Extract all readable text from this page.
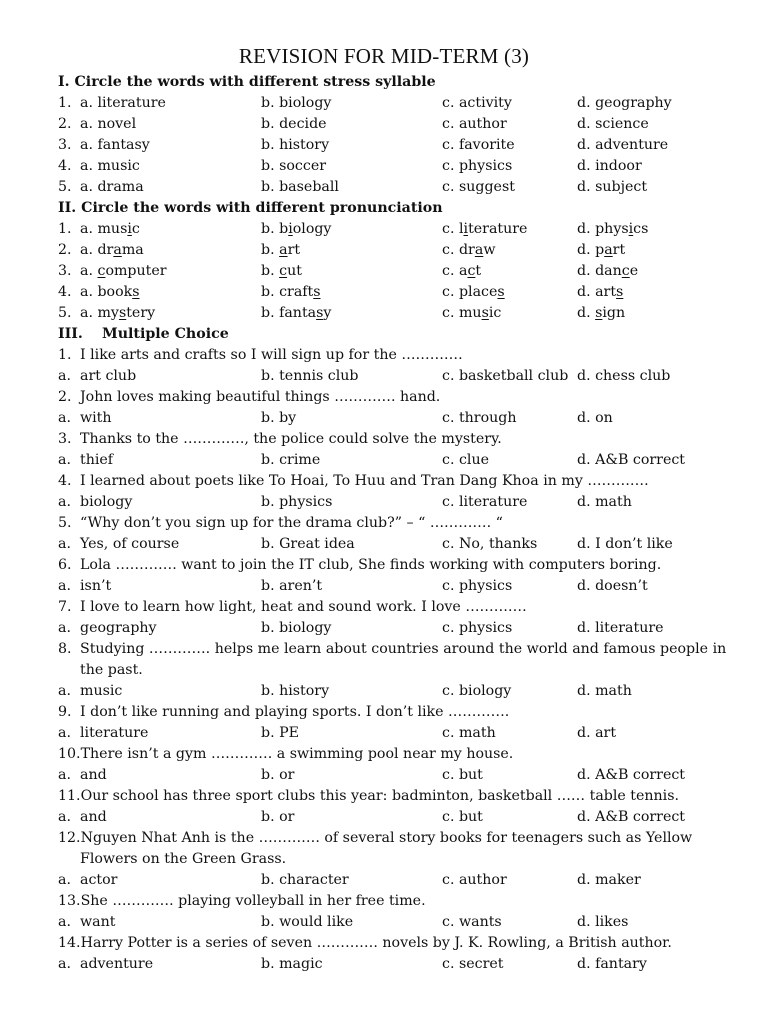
REVISION FOR MID-TERM (3)
I. Circle the words with different stress syllable
1. a. literature	b. biology	c. activity	d. geography
2. a. novel	b. decide	c. author	d. science
3. a. fantasy	b. history	c. favorite	d. adventure
4. a. music	b. soccer	c. physics	d. indoor
5. a. drama	b. baseball	c. suggest	d. subject
II. Circle the words with different pronunciation
1. a. music	b. biology	c. literature	d. physics
2. a. drama	b. art	c. draw	d. part
3. a. computer	b. cut	c. act	d. dance
4. a. books	b. crafts	c. places	d. arts
5. a. mystery	b. fantasy	c. music	d. sign
III. Multiple Choice
1. I like arts and crafts so I will sign up for the ………….
a. art club	b. tennis club	c. basketball club d. chess club
2. John loves making beautiful things …………. hand.
a. with	b. by	c. through	d. on
3. Thanks to the …………., the police could solve the mystery.
a. thief	b. crime	c. clue	d. A&B correct
4. I learned about poets like To Hoai, To Huu and Tran Dang Khoa in my ………….
a. biology	b. physics	c. literature	d. math
5. “Why don’t you sign up for the drama club?” – “ …………. “
a. Yes, of course	b. Great idea	c. No, thanks	d. I don’t like
6. Lola …………. want to join the IT club, She finds working with computers boring.
a. isn’t	b. aren’t	c. physics	d. doesn’t
7. I love to learn how light, heat and sound work. I love ………….
a. geography	b. biology	c. physics	d. literature
8. Studying …………. helps me learn about countries around the world and famous people in the past.
a. music	b. history	c. biology	d. math
9. I don’t like running and playing sports. I don’t like ………….
a. literature	b. PE	c. math	d. art
10.There isn’t a gym …………. a swimming pool near my house.
a. and	b. or	c. but	d. A&B correct
11.Our school has three sport clubs this year: badminton, basketball …… table tennis.
a. and	b. or	c. but	d. A&B correct
12.Nguyen Nhat Anh is the …………. of several story books for teenagers such as Yellow
Flowers on the Green Grass.
a. actor	b. character	c. author	d. maker
13.She …………. playing volleyball in her free time.
a. want	b. would like	c. wants	d. likes
14.Harry Potter is a series of seven …………. novels by J. K. Rowling, a British author.
a. adventure	b. magic	c. secret	d. fantary
